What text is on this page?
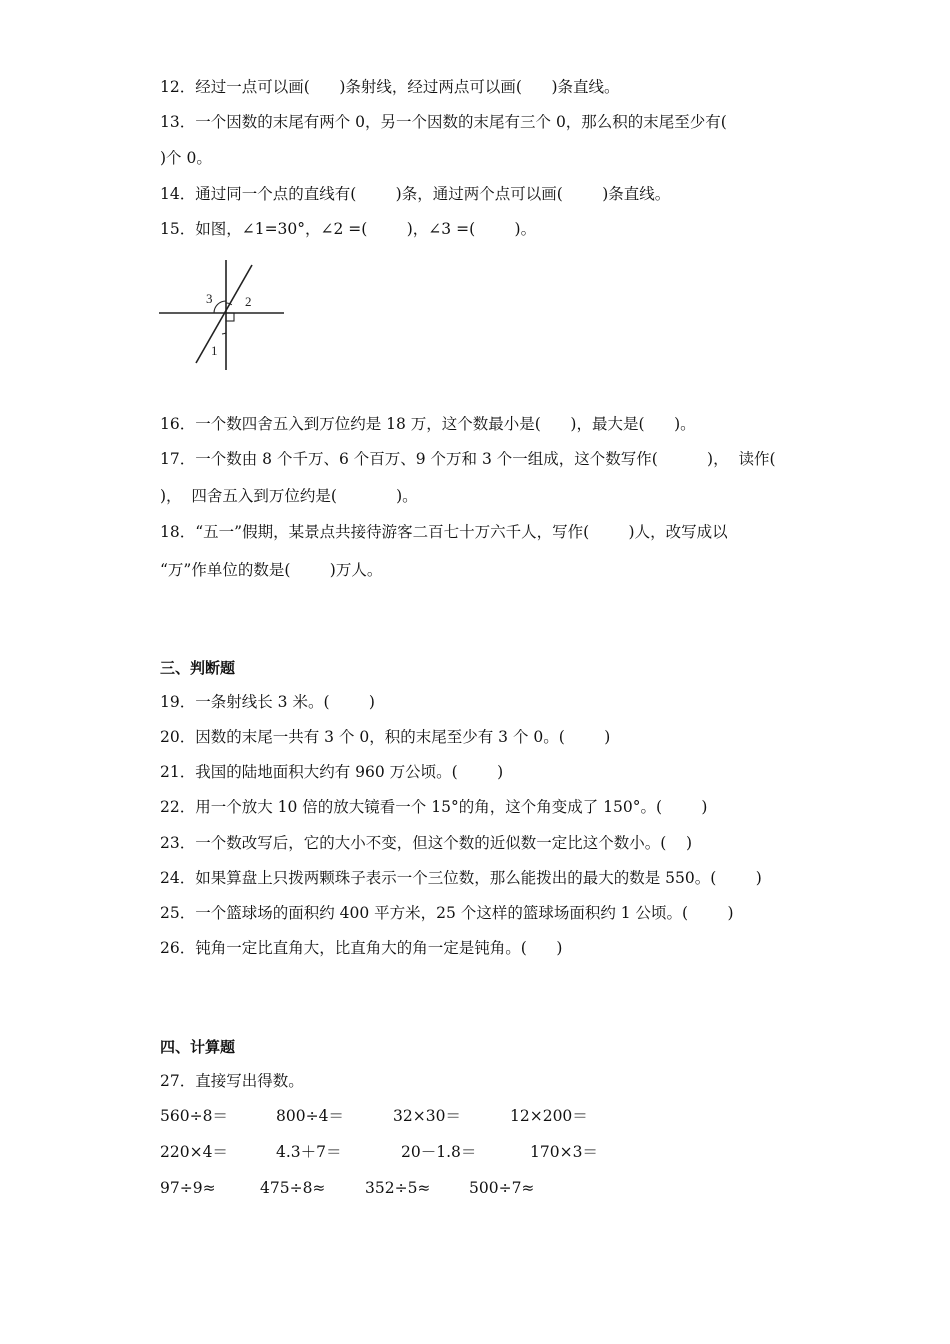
12．经过一点可以画(      )条射线，经过两点可以画(      )条直线。
13．一个因数的末尾有两个 0，另一个因数的末尾有三个 0，那么积的末尾至少有(
)个 0。
14．通过同一个点的直线有(        )条，通过两个点可以画(        )条直线。
15．如图，∠1=30°，∠2 =(        )，∠3 =(        )。
3	2
1
16．一个数四舍五入到万位约是 18 万，这个数最小是(      )，最大是(      )。
17．一个数由 8 个千万、6 个百万、9 个万和 3 个一组成，这个数写作(          )，  读作(
)，  四舍五入到万位约是(            )。
18．“五一”假期，某景点共接待游客二百七十万六千人，写作(        )人，改写成以
“万”作单位的数是(        )万人。
三、判断题
19．一条射线长 3 米。(        )
20．因数的末尾一共有 3 个 0，积的末尾至少有 3 个 0。(        )
21．我国的陆地面积大约有 960 万公顷。(        )
22．用一个放大 10 倍的放大镜看一个 15°的角，这个角变成了 150°。(        )
23．一个数改写后，它的大小不变，但这个数的近似数一定比这个数小。(    )
24．如果算盘上只拨两颗珠子表示一个三位数，那么能拨出的最大的数是 550。(        )
25．一个篮球场的面积约 400 平方米，25 个这样的篮球场面积约 1 公顷。(        )
26．钝角一定比直角大，比直角大的角一定是钝角。(      )
四、计算题
27．直接写出得数。
560÷8＝	800÷4＝	32×30＝	12×200＝
220×4＝	4.3＋7＝	20－1.8＝	170×3＝
97÷9≈	475÷8≈	352÷5≈ 500÷7≈
